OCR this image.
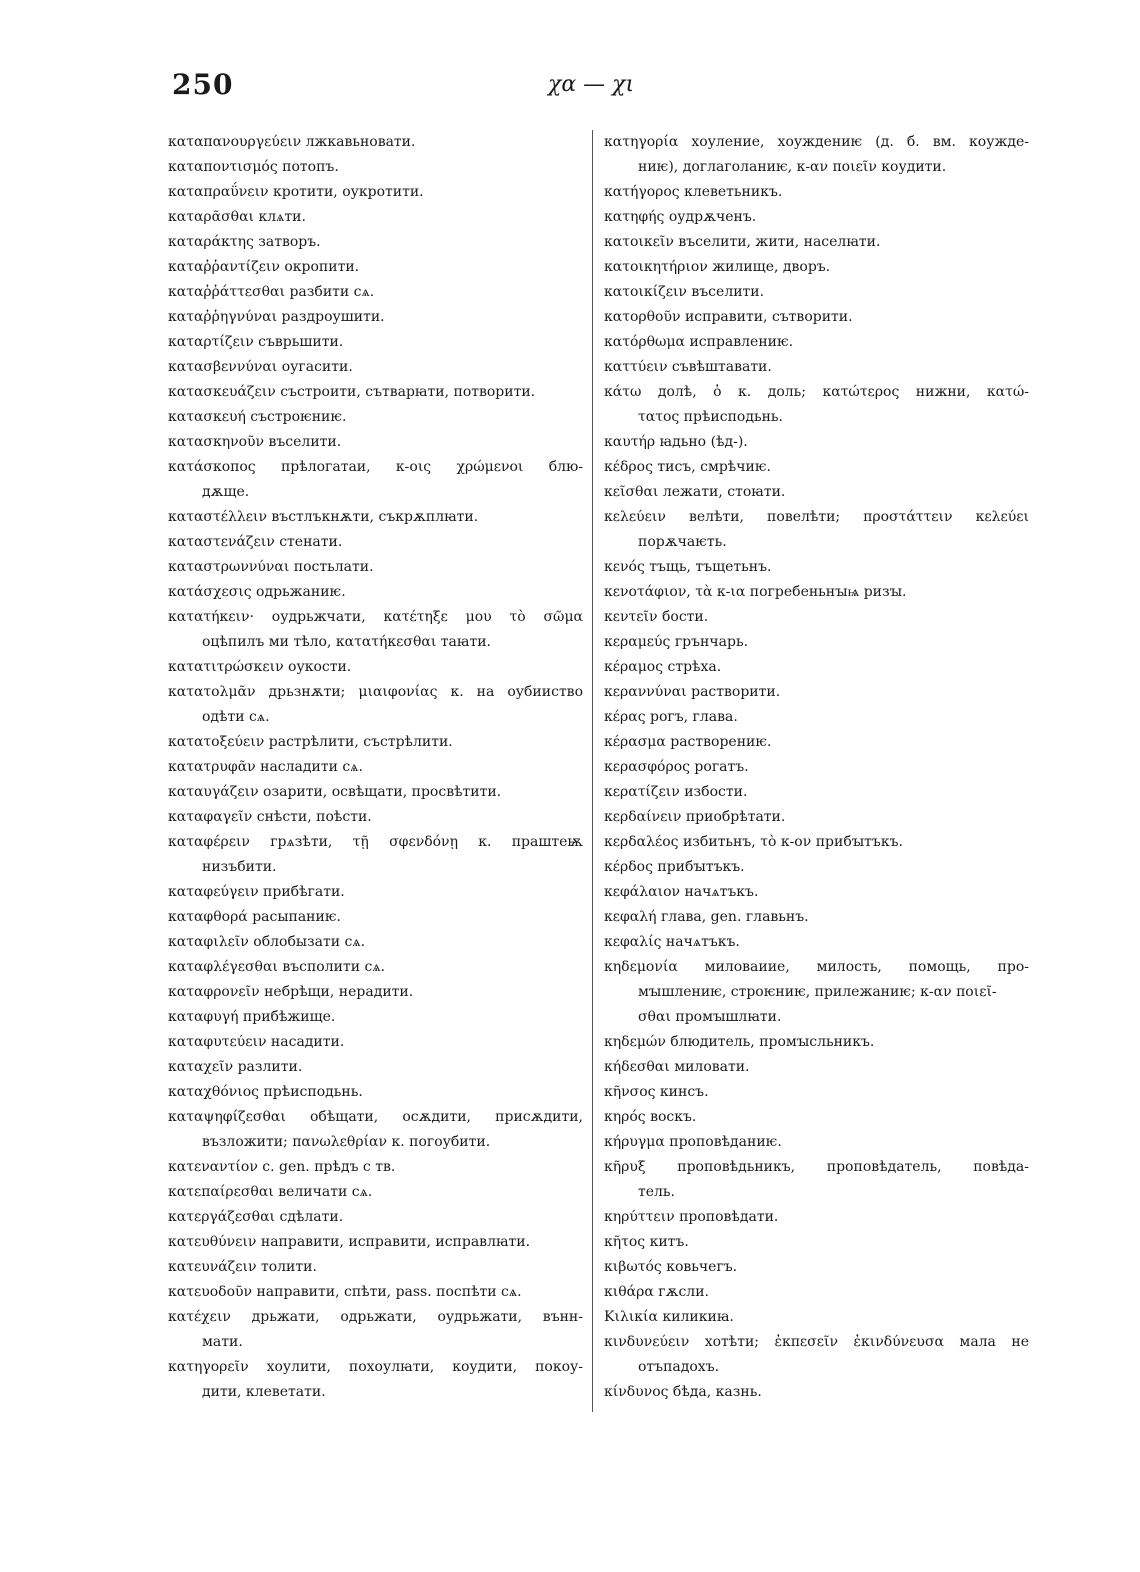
250	χα — χι
καταπανουργεύειν лжкавьновати.
καταποντισμός потопъ.
καταπραΰνειν кротити, оукротити.
καταρᾶσθαι клѧти.
καταράκτης затворъ.
καταῤῥαντίζειν окропити.
καταῤῥάττεσθαι разбити сѧ.
καταῤῥηγνύναι раздроушити.
καταρτίζειν съврьшити.
κατασβεννύναι оугасити.
κατασκευάζειν състроити, сътварꙗти, потворити.
κατασκευή състроѥниѥ.
κατασκηνοῦν въселити.
κατάσκοπος прѣлогатаи, κ-οις χρώμενοι блю-
дѫще.
καταστέλλειν въстлъкнѫти, съкрѫплꙗти.
καταστενάζειν стенати.
καταστρωννύναι постьлати.
κατάσχεσις одрьжаниѥ.
κατατήκειν· оудрьжчати, κατέτηξε μου τὸ σῶμα
оцѣпилъ ми тѣло, κατατήκεσθαι таꙗти.
κατατιτρώσκειν оукости.
κατατολμᾶν дрьзнѫти; μιαιφονίας κ. на оубииство
одѣти сѧ.
κατατοξεύειν растрѣлити, състрѣлити.
κατατρυφᾶν насладити сѧ.
καταυγάζειν озарити, освѣщати, просвѣтити.
καταφαγεῖν снѣсти, поѣсти.
καταφέρειν грѧзѣти, τῇ σφενδόνῃ κ. праштеѭ
низъбити.
καταφεύγειν прибѣгати.
καταφθορά расыпаниѥ.
καταφιλεῖν облобызати сѧ.
καταφλέγεσθαι въсполити сѧ.
καταφρονεῖν небрѣщи, нерадити.
καταφυγή прибѣжище.
καταφυτεύειν насадити.
καταχεῖν разлити.
καταχθόνιος прѣисподьнь.
καταψηφίζεσθαι обѣщати, осѫдити, присѫдити,
възложити; πανωλεθρίαν κ. погоубити.
κατεναντίον c. gen. прѣдъ с тв.
κατεπαίρεσθαι величати сѧ.
κατεργάζεσθαι сдѣлати.
κατευθύνειν направити, исправити, исправлꙗти.
κατευνάζειν толити.
κατευοδοῦν направити, спѣти, pass. поспѣти сѧ.
κατέχειν дрьжати, одрьжати, оудрьжати, вънн-
мати.
κατηγορεῖν хоулити, похоулꙗти, коудити, покоу-
дити, клеветати.
κατηγορία хоуление, хоуждениѥ (д. б. вм. коужде-
ниѥ), доглаголаниѥ, κ-αν ποιεῖν коудити.
κατήγορος клеветьникъ.
κατηφής оудрѫченъ.
κατοικεῖν въселити, жити, населꙗти.
κατοικητήριον жилище, дворъ.
κατοικίζειν въселити.
κατορθοῦν исправити, сътворити.
κατόρθωμα исправлениѥ.
καττύειν съвѣштавати.
κάτω долѣ, ὁ κ. доль; κατώτερος нижни, κατώ-
τατος прѣисподьнь.
καυτήρ ꙗдьно (ѣд-).
κέδρος тисъ, смрѣчиѥ.
κεῖσθαι лежати, стоꙗти.
κελεύειν велѣти, повелѣти; προστάττειν κελεύει
порѫчаѥть.
κενός тъщь, тъщетьнъ.
κενοτάφιον, τὰ κ-ια погребеньнꙑѩ ризꙑ.
κεντεῖν бости.
κεραμεύς грънчарь.
κέραμος стрѣха.
κεραννύναι растворити.
κέρας рогъ, глава.
κέρασμα растворениѥ.
κερασφόρος рогатъ.
κερατίζειν избости.
κερδαίνειν приобрѣтати.
κερδαλέος избитьнъ, τὸ κ-ον прибꙑтъкъ.
κέρδος прибꙑтъкъ.
κεφάλαιον начѧтъкъ.
κεφαλή глава, gen. главьнъ.
κεφαλίς начѧтъкъ.
κηδεμονία миловаиие, милость, помощь, про-
мꙑшлениѥ, строѥниѥ, прилежаниѥ; κ-αν ποιεῖ-
σθαι промꙑшлꙗти.
κηδεμών блюдитель, промꙑсльникъ.
κήδεσθαι миловати.
κῆνσος кинсъ.
κηρός воскъ.
κήρυγμα проповѣданиѥ.
κῆρυξ проповѣдьникъ, проповѣдатель, повѣда-
тель.
κηρύττειν проповѣдати.
κῆτος китъ.
κιβωτός ковьчегъ.
κιθάρα гѫсли.
Κιλικία киликиꙗ.
κινδυνεύειν хотѣти; ἐκπεσεῖν ἐκινδύνευσα мала не
отъпадохъ.
κίνδυνος бѣда, казнь.
